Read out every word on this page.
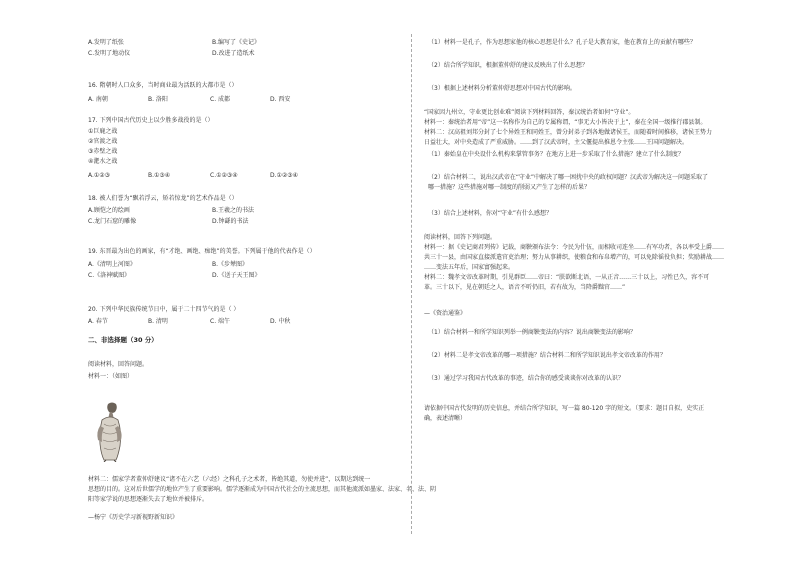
A.发明了纸张	B.编写了《史记》
C.发明了地动仪	D.改进了造纸术
16. 隋朝时人口众多，当时商业最为活跃的大都市是（）
A. 南朝	B. 洛阳	C. 成都	D. 西安
17. 下列中国古代历史上以少胜多战役的是（）
①巨鹿之战
②官渡之战
③赤壁之战
④淝水之战
A.①②③	B.①③④	C.①②③④	D.①②③④
18. 被人们誉为“飘若浮云，矫若惊龙”的艺术作品是（）
A.顾恺之的绘画	B.王羲之的书法
C.龙门石窟的雕像	D.钟繇的书法
19. 东晋最为出色的画家，有“才绝、画绝、痴绝”的美誉。下列属于他的代表作是（）
A.《清明上河图》	B.《步辇图》
C.《洛神赋图》	D.《送子天王图》
20. 下列中华民族传统节日中，属于二十四节气的是（ ）
A. 春节	B. 清明	C. 端午	D. 中秋
二、非选择题（30 分）
阅读材料，回答问题。
材料一：（如图）
材料二：儒家学者董仲舒建议“诸不在六艺（六经）之科孔子之术者，皆绝其道，勿使并进”，以期达到统一
思想的目的。这对后世儒学的地位产生了重要影响。儒学逐渐成为中国古代社会的主流思想，而其他流派如墨家、法家、名、法、阴
阳等家学说的思想逐渐失去了地位并被排斥。
—杨宁《历史学习新视野新知识》
（1）材料一是孔子，作为思想家他的核心思想是什么？孔子是大教育家，他在教育上的贡献有哪些？
（2）结合所学知识，根据董仲舒的建议反映出了什么思想？
（3）根据上述材料分析董仲舒思想对中国古代的影响。
“国家因九州立，守业更比创业难”阅读下列材料回答，秦汉统治者如何“守业”。
材料一：秦统治者用“帝”这一名称作为自己的专属称谓，“事无大小皆决于上”，秦在全国一级推行郡县制。
材料二：汉高祖刘邦分封了七个异姓王和同姓王，曾分封弟子到各地做诸侯王，而随着时间推移，诸侯王势力
日益壮大，对中央造成了严重威胁。……到了汉武帝时，主父偃提出推恩令主张……王国问题解决。
（1）秦始皇在中央设什么机构来掌管事务？在地方上进一步采取了什么措施？建立了什么制度？
（2）结合材料二，说出汉武帝在“守业”中解决了哪一困扰中央的政权问题？汉武帝为解决这一问题采取了
哪一措施？这些措施对哪一制度的削弱又产生了怎样的后果？
（3）结合上述材料，你对“守业”有什么感想？
阅读材料，回答下列问题。
材料一：据《史记商君列传》记载，商鞅颁布法令：令民为什伍，而相收司连坐……有军功者，各以率受上爵……
共三十一县，由国家直接派遣官吏治理；努力从事耕织，使粮食和布帛增产的，可以免除徭役负担；奖励耕战……
……变法五年后，国家富强起来。
材料二：魏孝文帝改革时期，引见群臣……帝曰：“朕欲断北语，一从正音……三十以上，习性已久，容不可
革。三十以下，见在朝廷之人，语音不听仍旧，若有故为，当降爵黜官……”
—《资治通鉴》
（1）结合材料一和所学知识列举一例商鞅变法的内容？说出商鞅变法的影响？
（2）材料二是孝文帝改革的哪一项措施？结合材料二和所学知识说出孝文帝改革的作用？
（3）通过学习我国古代改革的事迹，结合你的感受谈谈你对改革的认识？
请依据中国古代发明的历史信息，并结合所学知识，写一篇 80-120 字的短文。（要求：题目自拟，史实正
确，表述清晰）
